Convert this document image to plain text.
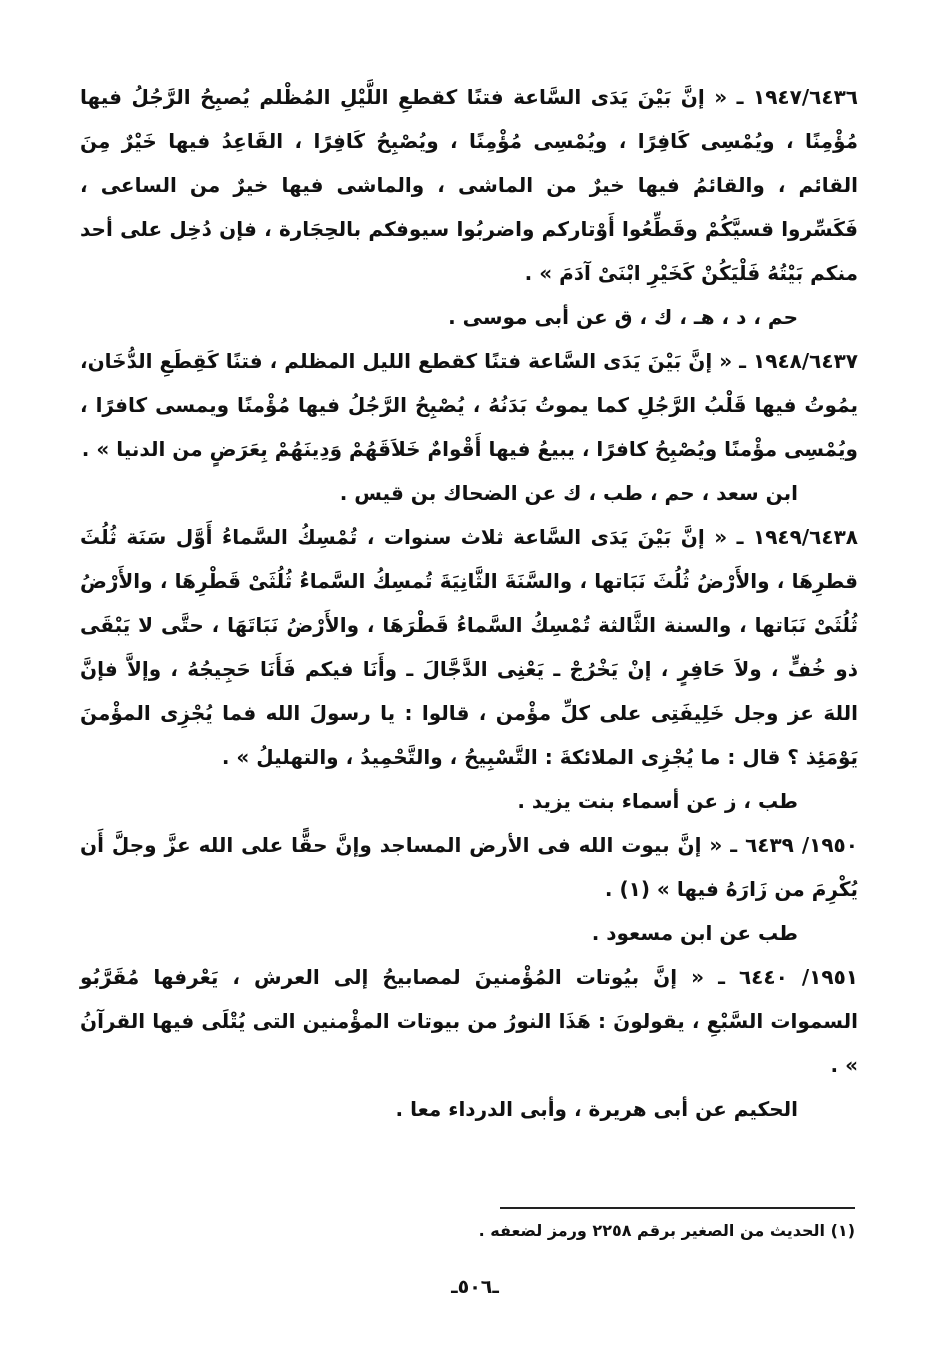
١٩٤٧/٦٤٣٦ ـ « إنَّ بَيْنَ يَدَى السَّاعة فتنًا كقطعِ اللَّيْلِ المُظْلم يُصبِحُ الرَّجُلُ فيها مُؤْمِنًا ، ويُمْسِى كَافِرًا ، ويُمْسِى مُؤْمِنًا ، ويُصْبِحُ كَافِرًا ، القَاعِدُ فيها خَيْرٌ مِنَ القائم ، والقائمُ فيها خيرٌ من الماشى ، والماشى فيها خيرٌ من الساعى ، فَكَسِّروا قسيَّكُمْ وقَطِّعُوا أَوْتاركم واضربُوا سيوفكم بالحِجَارة ، فإن دُخِل على أحد منكم بَيْتُهُ فَلْيَكُنْ كَخَيْرِ ابْنَىْ آدَمَ » .

حم ، د ، هـ ، ك ، ق عن أبى موسى .

١٩٤٨/٦٤٣٧ ـ « إنَّ بَيْنَ يَدَى السَّاعة فتنًا كقطع الليل المظلم ، فتنًا كَقِطَعِ الدُّخَان، يمُوتُ فيها قَلْبُ الرَّجُلِ كما يموتُ بَدَنُهُ ، يُصْبِحُ الرَّجُلُ فيها مُؤْمنًا ويمسى كافرًا ، ويُمْسِى مؤْمنًا ويُصْبِحُ كافرًا ، يبيعُ فيها أَقْوامٌ خَلاَقَهُمْ وَدِينَهُمْ بِعَرَضٍ من الدنيا » .

ابن سعد ، حم ، طب ، ك عن الضحاك بن قيس .

١٩٤٩/٦٤٣٨ ـ « إنَّ بَيْنَ يَدَى السَّاعة ثلاث سنوات ، تُمْسِكُ السَّماءُ أَوَّل سَنَة ثُلُثَ قطرِهَا ، والأَرْضُ ثُلُثَ نَبَاتها ، والسَّنَةَ الثَّانِيَةَ تُمسِكُ السَّماءُ ثُلُثَىْ قَطْرِهَا ، والأَرْضُ ثُلُثَىْ نَبَاتها ، والسنة الثَّالثة تُمْسِكُ السَّماءُ قَطْرَهَا ، والأَرْضُ نَبَاتَهَا ، حتَّى لا يَبْقَى ذو خُفٍّ ، ولاَ حَافِرٍ ، إنْ يَخْرُجْ ـ يَعْنِى الدَّجَّالَ ـ وأَنَا فيكم فَأَنَا حَجِيجُهُ ، وإلاَّ فإنَّ اللهَ عز وجل خَلِيفَتِى على كلِّ مؤْمن ، قالوا : يا رسولَ الله فما يُجْزِى المؤْمنَ يَوْمَئِذ ؟ قال : ما يُجْزِى الملائكةَ : التَّسْبِيحُ ، والتَّحْمِيدُ ، والتهليلُ » .

طب ، ز عن أسماء بنت يزيد .

١٩٥٠/ ٦٤٣٩ ـ « إنَّ بيوت الله فى الأرض المساجد وإنَّ حقًّا على الله عزَّ وجلَّ أَن يُكْرِمَ من زَارَهُ فيها » (١) .

طب عن ابن مسعود .

١٩٥١/ ٦٤٤٠ ـ « إنَّ بيُوتات المُؤْمنينَ لمصابيحُ إلى العرش ، يَعْرفها مُقَرَّبُو السموات السَّبْعِ ، يقولونَ : هَذَا النورُ من بيوتات المؤْمنين التى يُتْلَى فيها القرآنُ » .

الحكيم عن أبى هريرة ، وأبى الدرداء معا .

(١) الحديث من الصغير برقم ٢٢٥٨ ورمز لضعفه .
ـ٥٠٦ـ
